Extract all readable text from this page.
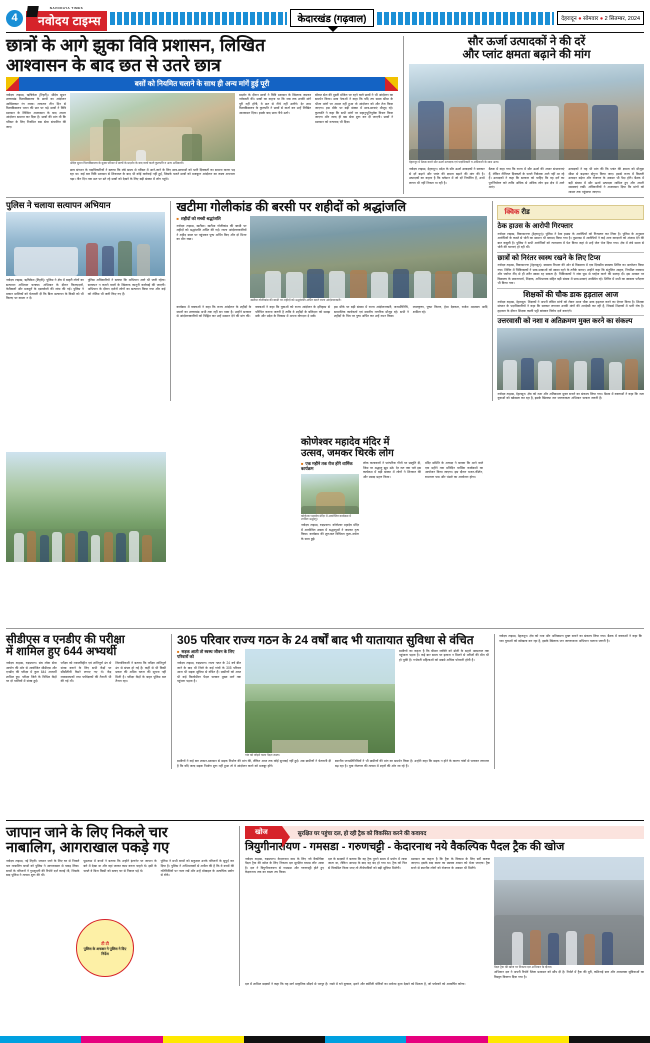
4
NAVODAYA TIMES
नवोदय टाइम्स	केदारखंड (गढ़वाल)	देहरादून ● सोमवार ● 2 सितम्बर, 2024
छात्रों के आगे झुका विवि प्रशासन, लिखित
आश्वासन के बाद छत से उतरे छात्र
बसों को नियमित चलाने के साथ ही अन्य मांगें हुई पूरी
नवोदय टाइम्स, ऋषिकेश (टिहरी)। श्रीदेव सुमन उत्तराखंड विश्वविद्यालय के छात्रों का आंदोलन आखिरकार रंग लाया। लगातार तीन दिन से विश्वविद्यालय भवन की छत पर चढ़े छात्रों ने विवि प्रशासन के लिखित आश्वासन के बाद अपना आंदोलन समाप्त कर दिया है। छात्रों की मांग थी कि परिसर के लिए नियमित बस सेवा संचालित की जाए।
श्रीदेव सुमन विश्वविद्यालय के मुख्य परिसर में छात्रों के प्रदर्शन के बाद वार्ता करते कुलपति व अन्य अधिकारी।
छात्र संगठन के पदाधिकारियों ने बताया कि लंबे समय से परिसर में आने-जाने के लिए छात्र-छात्राओं को भारी दिक्कतों का सामना करना पड़ रहा था। कई बार विवि प्रशासन से शिकायत के बाद भी कोई कार्रवाई नहीं हुई, जिसके चलते छात्रों को मजबूरन आंदोलन का रास्ता अपनाना पड़ा। तीन दिन तक छत पर डटे रहे छात्रों को देखने के लिए बड़ी संख्या में लोग पहुंचे।
प्रदर्शन के दौरान छात्रों ने विवि प्रशासन के खिलाफ जमकर नारेबाजी की। छात्रों का कहना था कि जब तक उनकी मांगें पूरी नहीं होंगी, वे छत से नीचे नहीं उतरेंगे। देर शाम विश्वविद्यालय के कुलपति ने छात्रों से वार्ता कर उन्हें लिखित आश्वासन दिया। इसके बाद छात्र नीचे उतरे।
बॉयज सेल की दूसरी मंजिल पर रहने वाले छात्रों ने भी आंदोलन का समर्थन किया। छात्र नेताओं ने कहा कि यदि तय समय सीमा के भीतर मांगों पर अमल नहीं हुआ तो आंदोलन को और तेज किया जाएगा। इस मौके पर बड़ी संख्या में छात्र-छात्राएं मौजूद रहे। कुलपति ने कहा कि सभी मांगों पर सहानुभूतिपूर्वक विचार किया जाएगा और जल्द ही बस सेवा शुरू कर दी जाएगी। छात्रों ने प्रशासन को धन्यवाद भी दिया।
सौर ऊर्जा उत्पादकों ने की दरें
और प्लांट क्षमता बढ़ाने की मांग
देहरादून में बैठक करते सौर ऊर्जा उत्पादक एवं पदाधिकारी व अधिकारी के साथ अन्य।
नवोदय टाइम्स, देहरादून। प्रदेश के सौर ऊर्जा उत्पादकों ने सरकार से दरें बढ़ाने और प्लांट की क्षमता बढ़ाने की मांग की है। उत्पादकों का कहना है कि वर्तमान में जो दरें निर्धारित हैं, उनमें लागत भी नहीं निकल पा रही है।
बैठक में कहा गया कि राज्य में सौर ऊर्जा की अपार संभावनाएं हैं, लेकिन नीतिगत दिक्कतों के चलते निवेशक आगे नहीं आ रहे हैं। उत्पादकों ने कहा कि सरकार को चाहिए कि वह दरों का पुनर्निर्धारण करे ताकि अधिक से अधिक लोग इस क्षेत्र में आगे आएं।
उत्पादकों ने यह भी मांग की कि प्लांट की क्षमता को मौजूदा सीमा से बढ़ाकर दोगुना किया जाए। इससे राज्य में बिजली उत्पादन बढ़ेगा और रोजगार के अवसर भी पैदा होंगे। बैठक में बड़ी संख्या में सौर ऊर्जा उत्पादक शामिल हुए और अपनी समस्याएं रखीं। अधिकारियों ने आश्वासन दिया कि मांगों को शासन तक पहुंचाया जाएगा।
पुलिस ने चलाया सत्यापन अभियान
नवोदय टाइम्स, ऋषिकेश (टिहरी)। पुलिस ने क्षेत्र में बाहरी लोगों का सत्यापन अभियान चलाया। अभियान के दौरान किराएदारों, फेरीवालों और मजदूरों के दस्तावेजों की जांच की गई। पुलिस ने मकान मालिकों को चेतावनी दी कि बिना सत्यापन के किसी को भी किराए पर कमरा न दें।
पुलिस अधिकारियों ने बताया कि अभियान आगे भी जारी रहेगा। सत्यापन न कराने वालों के खिलाफ कानूनी कार्रवाई की जाएगी। अभियान के दौरान दर्जनों लोगों का सत्यापन किया गया और कई को नोटिस भी जारी किए गए हैं।
खटीमा गोलीकांड की बरसी पर शहीदों को श्रद्धांजलि
■ शहीदों को सच्ची श्रद्धांजलि
नवोदय टाइम्स, खटीमा। खटीमा गोलीकांड की बरसी पर शहीदों को श्रद्धांजलि अर्पित की गई। राज्य आंदोलनकारियों ने शहीद स्थल पर पहुंचकर पुष्प अर्पित किए और दो मिनट का मौन रखा।
खटीमा गोलीकांड की बरसी पर शहीदों को श्रद्धांजलि अर्पित करते राज्य आंदोलनकारी।
कार्यक्रम में वक्ताओं ने कहा कि राज्य आंदोलन के शहीदों के सपनों का उत्तराखंड अभी तक नहीं बन पाया है। उन्होंने सरकार से आंदोलनकारियों को चिह्नित कर उन्हें सम्मान देने की मांग की।
वक्ताओं ने कहा कि युवाओं को राज्य आंदोलन के इतिहास से परिचित कराना जरूरी है ताकि वे शहीदों के बलिदान को समझ सकें और प्रदेश के विकास में अपना योगदान दे सकें।
इस मौके पर बड़ी संख्या में राज्य आंदोलनकारी, जनप्रतिनिधि, सामाजिक कार्यकर्ता एवं स्थानीय नागरिक मौजूद रहे। सभी ने शहीदों के चित्र पर पुष्प अर्पित कर उन्हें नमन किया।
लालकृष्ण, पुष्पा किरण, हेमा देवकल, राजेश अग्रवाल आदि शामिल रहे।
क्विक रीड
ठेक हाउस के आरोपी गिरफ्तार
नवोदय टाइम्स, विकासनगर (देहरादून)। पुलिस ने ठेक हाउस के आरोपियों को गिरफ्तार कर लिया है। पुलिस के अनुसार आरोपियों के कब्जे से चोरी का सामान भी बरामद किया गया है। पूछताछ में आरोपियों ने कई अन्य वारदातों को अंजाम देने की बात कबूली है। पुलिस ने सभी आरोपियों को न्यायालय में पेश किया जहां से उन्हें जेल भेज दिया गया। क्षेत्र में लंबे समय से चोरी की घटनाएं हो रही थीं।
छात्रों को निरंतर स्वस्थ रखने के लिए टिप्स
नवोदय टाइम्स, विकासनगर (देहरादून)। स्वास्थ्य विभाग की ओर से विद्यालय में एक दिवसीय स्वास्थ्य शिविर का आयोजन किया गया। शिविर में चिकित्सकों ने छात्र-छात्राओं को स्वस्थ रहने के तरीके बताए। उन्होंने कहा कि संतुलित आहार, नियमित व्यायाम और पर्याप्त नींद से ही शरीर स्वस्थ रह सकता है। चिकित्सकों ने जंक फूड से परहेज करने की सलाह दी। इस अवसर पर विद्यालय के प्रधानाचार्य, शिक्षक, अभिभावक सहित बड़ी संख्या में छात्र-छात्राएं उपस्थित रहे। शिविर में सभी का स्वास्थ्य परीक्षण भी किया गया।
शिक्षकों की चौक डाक हड़ताल आज
नवोदय टाइम्स, देहरादून। शिक्षकों ने अपनी लंबित मांगों को लेकर आज चौक डाक हड़ताल करने का ऐलान किया है। शिक्षक संगठन के पदाधिकारियों ने कहा कि सरकार लगातार उनकी मांगों की अनदेखी कर रही है, जिससे शिक्षकों में भारी रोष है। हड़ताल के दौरान शिक्षक काली पट्टी बांधकर विरोध दर्ज कराएंगे।
उत्तरवासी को नशा व अतिक्रमण मुक्त करने का संकल्प
नवोदय टाइम्स, देहरादून। क्षेत्र को नशा और अतिक्रमण मुक्त बनाने का संकल्प लिया गया। बैठक में वक्ताओं ने कहा कि नशा युवाओं को खोखला कर रहा है, इसके खिलाफ जन जागरूकता अभियान चलाना जरूरी है।
कोणेश्वर महादेव मंदिर में
उत्सव, जमकर थिरके लोग
■ एक महीने तक रोज होंगे धार्मिक कार्यक्रम
कोणेश्वर महादेव मंदिर में आयोजित कार्यक्रम में शामिल श्रद्धालु।
नवोदय टाइम्स, रुद्रप्रयाग। कोणेश्वर महादेव मंदिर में आयोजित उत्सव में श्रद्धालुओं ने जमकर नृत्य किया। कार्यक्रम की शुरुआत विधिवत पूजा-अर्चना के साथ हुई।
लोक कलाकारों ने पारंपरिक गीतों पर प्रस्तुति दी, जिस पर श्रद्धालु झूम उठे। देर रात तक चले इस कार्यक्रम में बड़ी संख्या में लोगों ने शिरकत की और प्रसाद ग्रहण किया।
मंदिर समिति के अध्यक्ष ने बताया कि आने वाले एक महीने तक प्रतिदिन धार्मिक कार्यक्रमों का आयोजन किया जाएगा। इस दौरान भजन-कीर्तन, रामायण पाठ और भंडारे का आयोजन होगा।

सीडीएस व एनडीए की परीक्षा
में शामिल हुए 644 अभ्यर्थी
नवोदय टाइम्स, रुद्रप्रयाग। संघ लोक सेवा आयोग की ओर से आयोजित सीडीएस और एनडीए की परीक्षा में कुल 644 अभ्यर्थी शामिल हुए। परीक्षा जिले के विभिन्न केंद्रों पर दो पालियों में संपन्न हुई।
परीक्षा को नकलविहीन एवं शांतिपूर्ण ढंग से संपन्न कराने के लिए सभी केंद्रों पर सीसीटीवी कैमरे लगाए गए थे। केंद्र व्यवस्थापकों तथा पर्यवेक्षकों की तैनाती भी की गई थी।
जिलाधिकारी ने बताया कि परीक्षा शांतिपूर्ण ढंग से संपन्न हो गई है। कहीं से भी किसी प्रकार की अप्रिय घटना की सूचना नहीं मिली है। परीक्षा केंद्रों के बाहर पुलिस बल तैनात रहा।
305 परिवार राज्य गठन के 24 वर्षों बाद भी यातायात सुविधा से वंचित
■ सड़क आती तो स्वस्थ जीवन के लिए परिवारों को
नवोदय टाइम्स, रुद्रप्रयाग। राज्य गठन के 24 वर्ष बीत जाने के बाद भी जिले के कई गांवों के 305 परिवार आज भी सड़क सुविधा से वंचित हैं। ग्रामीणों को आज भी कई किलोमीटर पैदल चलकर मुख्य मार्ग तक पहुंचना पड़ता है।
गांव को जोड़ने वाला पैदल रास्ता।
ग्रामीणों का कहना है कि बीमार व्यक्ति को डोली के सहारे अस्पताल तक पहुंचाना पड़ता है। कई बार समय पर इलाज न मिलने से मरीजों की मौत भी हो चुकी है। गर्भवती महिलाओं को सबसे अधिक परेशानी होती है।
ग्रामीणों ने कई बार शासन-प्रशासन से सड़क निर्माण की मांग की, लेकिन आज तक कोई सुनवाई नहीं हुई। अब ग्रामीणों ने चेतावनी दी है कि यदि जल्द सड़क निर्माण शुरू नहीं हुआ तो वे आंदोलन करने को मजबूर होंगे।
स्थानीय जनप्रतिनिधियों ने भी ग्रामीणों की मांग का समर्थन किया है। उन्होंने कहा कि सड़क न होने के कारण गांवों से पलायन लगातार बढ़ रहा है। युवा रोजगार की तलाश में शहरों की ओर जा रहे हैं।
नवोदय टाइम्स, देहरादून। क्षेत्र को नशा और अतिक्रमण मुक्त बनाने का संकल्प लिया गया। बैठक में वक्ताओं ने कहा कि नशा युवाओं को खोखला कर रहा है, इसके खिलाफ जन जागरूकता अभियान चलाना जरूरी है।
जापान जाने के लिए निकले चार
नाबालिग, आगराखाल पकड़े गए
नवोदय टाइम्स, नई टिहरी। जापान जाने के लिए घर से निकले चार नाबालिग बच्चों को पुलिस ने आगराखाल से पकड़ लिया। बच्चों के परिजनों ने गुमशुदगी की रिपोर्ट दर्ज कराई थी, जिसके बाद पुलिस ने तलाश शुरू की थी।
पूछताछ में बच्चों ने बताया कि उन्होंने इंटरनेट पर जापान के बारे में देखा था और वहां जाकर काम करना चाहते थे। इसी के चलते वे बिना किसी को बताए घर से निकल पड़े थे।
पुलिस ने सभी बच्चों को सकुशल उनके परिजनों के सुपुर्द कर दिया है। पुलिस ने अभिभावकों से अपील की है कि वे बच्चों की गतिविधियों पर नजर रखें और उन्हें मोबाइल के अत्यधिक प्रयोग से रोकें।
टी टी
पुलिस के अफसर ने पुलिस ने दिए निर्देश
खोज	सुरक्षित घर पहुंचा दल, हो रही ट्रैक को विकसित करने की कवायद
त्रियुगीनारायण - गमसडा - गरुणचट्टी - केदारनाथ नये वैकल्पिक पैदल ट्रैक की खोज
नवोदय टाइम्स, रुद्रप्रयाग। केदारनाथ धाम के लिए नये वैकल्पिक पैदल ट्रैक की खोज के लिए निकला दल सुरक्षित वापस लौट आया है। दल ने त्रियुगीनारायण से गमसडा और गरुणचट्टी होते हुए केदारनाथ तक का रास्ता तय किया।
दल के सदस्यों ने बताया कि यह ट्रैक पुराने समय में प्रयोग में लाया जाता था, लेकिन आपदा के बाद यह बंद हो गया था। ट्रैक को फिर से विकसित किया जाए तो तीर्थयात्रियों को बड़ी सुविधा मिलेगी।
प्रशासन का कहना है कि ट्रैक के विकास के लिए सर्वे कराया जाएगा। इसके बाद बजट का प्रस्ताव शासन को भेजा जाएगा। ट्रैक बनने से स्थानीय लोगों को रोजगार के अवसर भी मिलेंगे।
पैदल ट्रैक की खोज पर निकला दल अभियान के दौरान।
अभियान दल ने अपनी रिपोर्ट जिला प्रशासन को सौंप दी है। रिपोर्ट में ट्रैक की दूरी, कठिनाई स्तर और आवश्यक सुविधाओं का विस्तृत विवरण दिया गया है।
दल में शामिल सदस्यों ने कहा कि यह मार्ग प्राकृतिक सौंदर्य से भरपूर है। रास्ते में घने बुग्याल, झरने और बर्फीली चोटियों का मनोरम दृश्य देखने को मिलता है, जो पर्यटकों को आकर्षित करेगा।
